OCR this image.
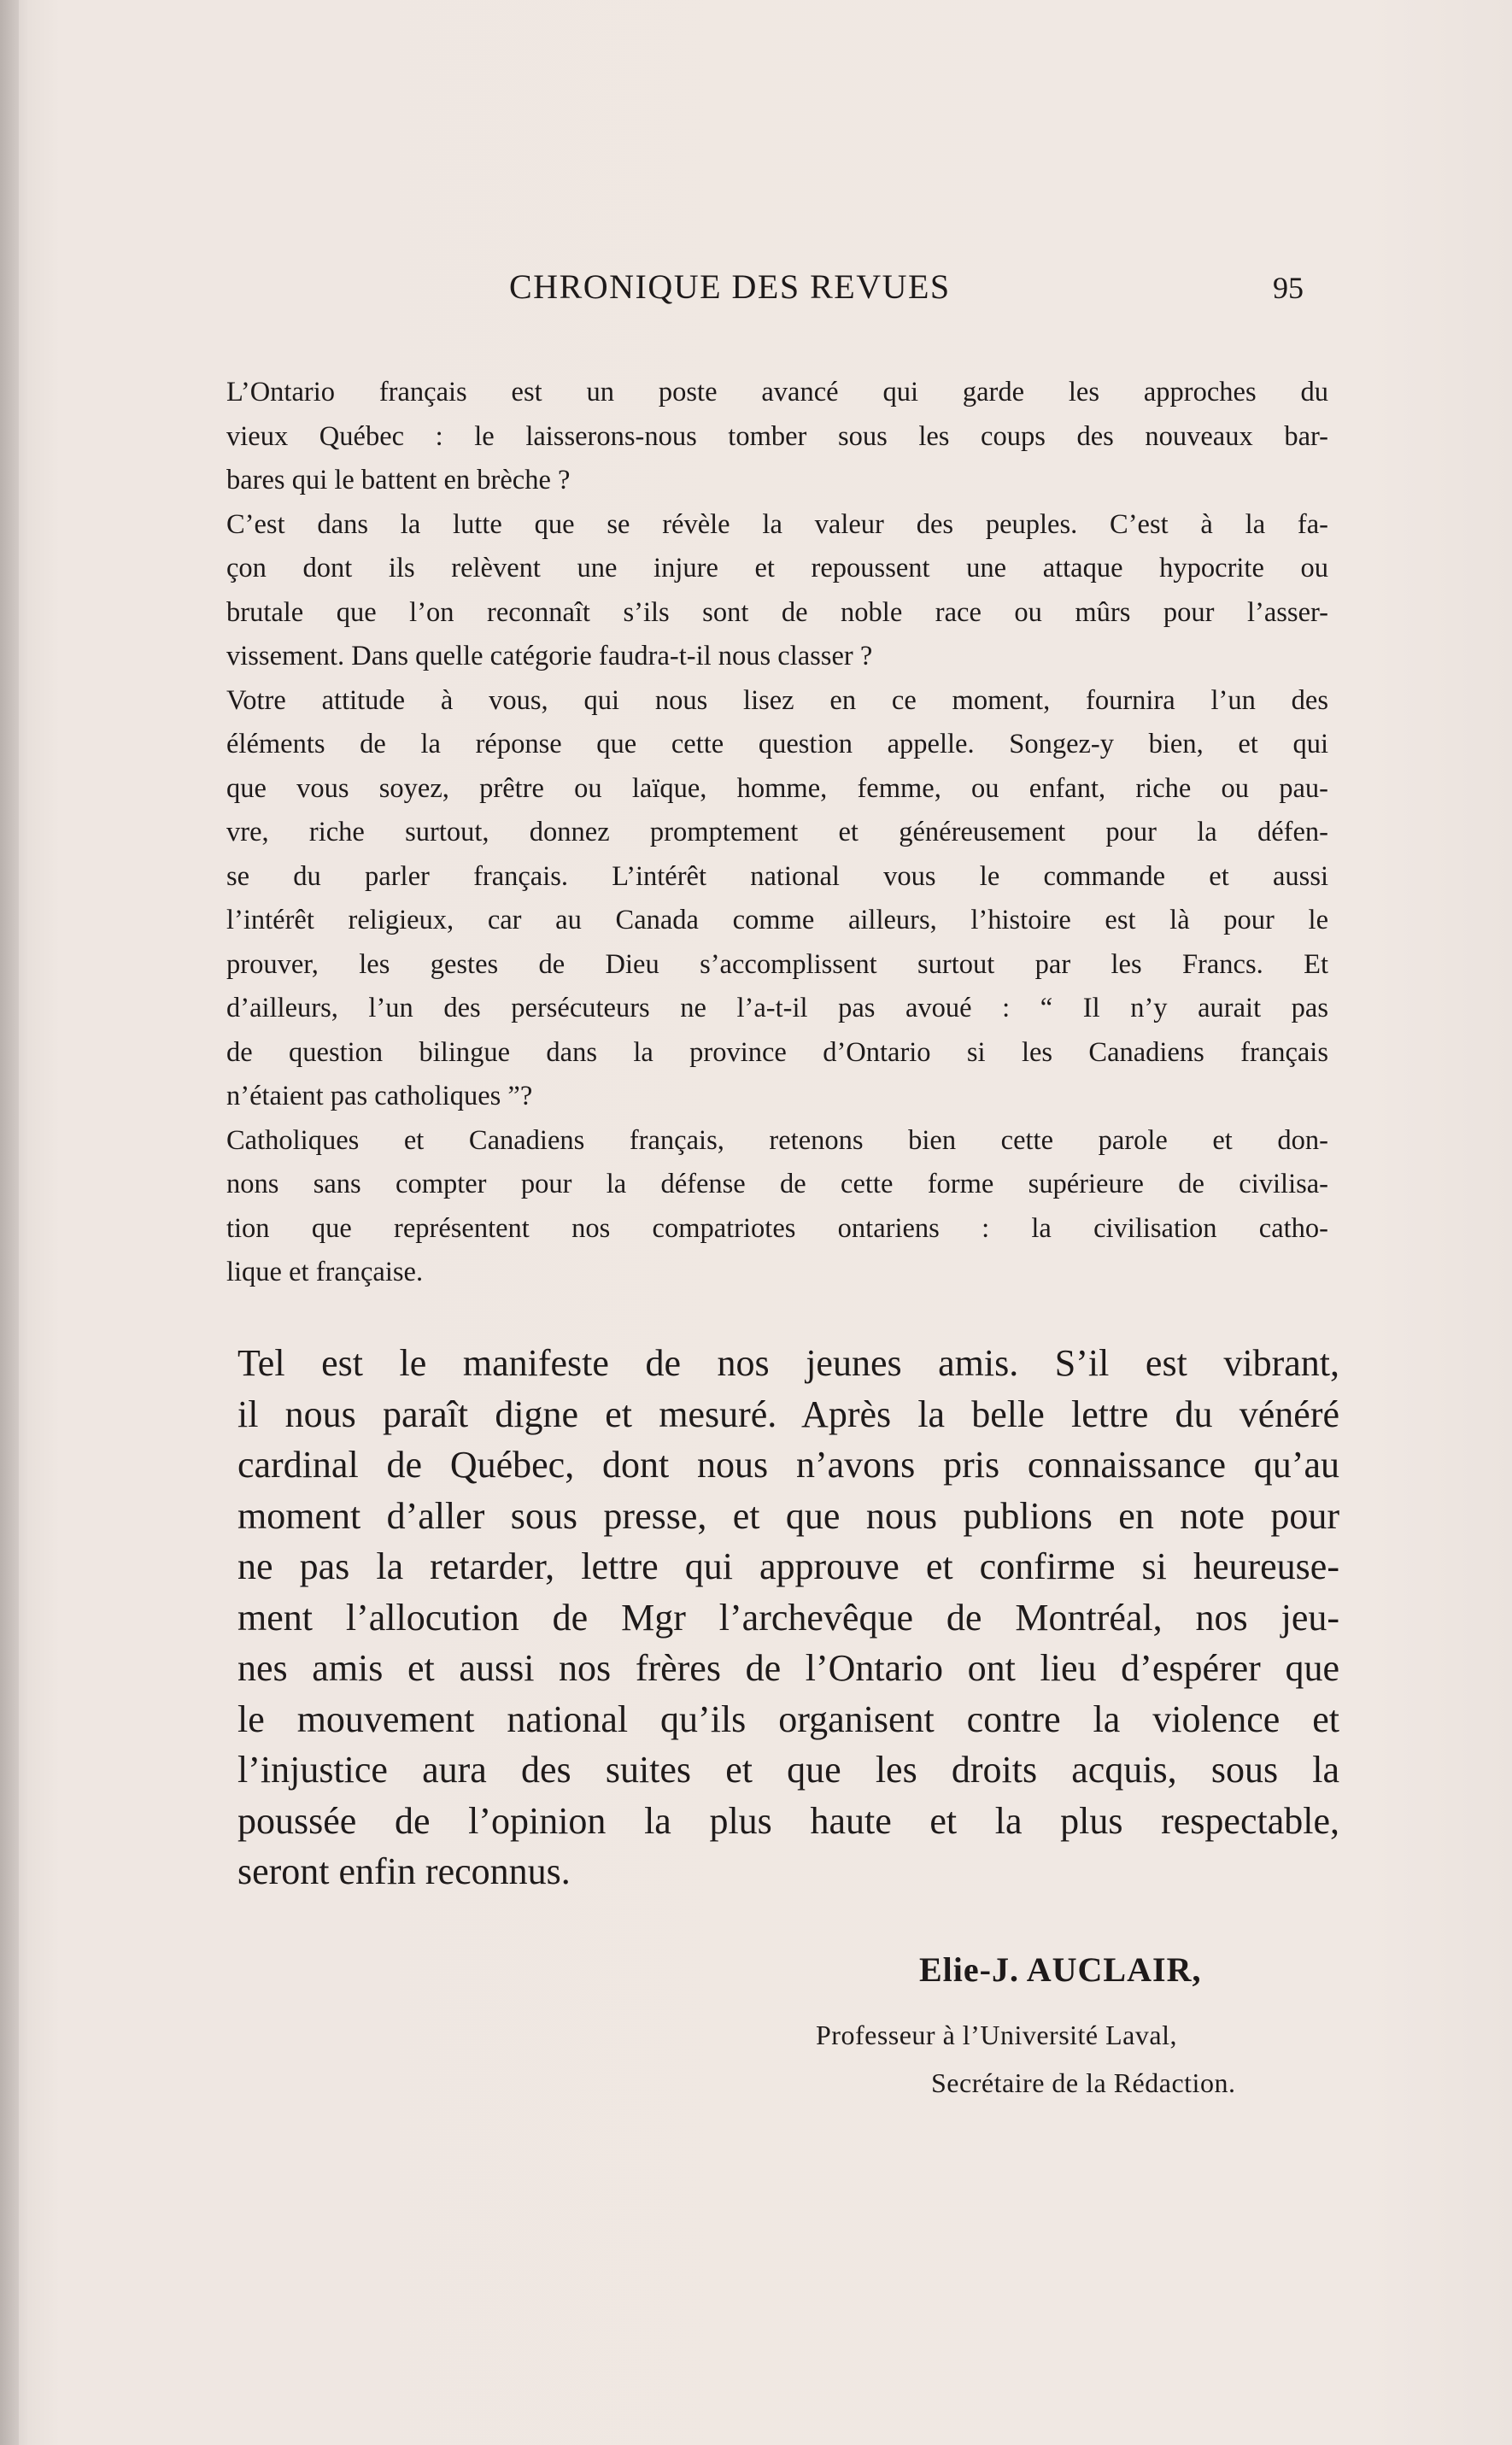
CHRONIQUE DES REVUES	95
L’Ontario français est un poste avancé qui garde les approches du
vieux Québec : le laisserons-nous tomber sous les coups des nouveaux bar-
bares qui le battent en brèche ?
C’est dans la lutte que se révèle la valeur des peuples. C’est à la fa-
çon dont ils relèvent une injure et repoussent une attaque hypocrite ou
brutale que l’on reconnaît s’ils sont de noble race ou mûrs pour l’asser-
vissement. Dans quelle catégorie faudra-t-il nous classer ?
Votre attitude à vous, qui nous lisez en ce moment, fournira l’un des
éléments de la réponse que cette question appelle. Songez-y bien, et qui
que vous soyez, prêtre ou laïque, homme, femme, ou enfant, riche ou pau-
vre, riche surtout, donnez promptement et généreusement pour la défen-
se du parler français. L’intérêt national vous le commande et aussi
l’intérêt religieux, car au Canada comme ailleurs, l’histoire est là pour le
prouver, les gestes de Dieu s’accomplissent surtout par les Francs. Et
d’ailleurs, l’un des persécuteurs ne l’a-t-il pas avoué : “ Il n’y aurait pas
de question bilingue dans la province d’Ontario si les Canadiens français
n’étaient pas catholiques ”?
Catholiques et Canadiens français, retenons bien cette parole et don-
nons sans compter pour la défense de cette forme supérieure de civilisa-
tion que représentent nos compatriotes ontariens : la civilisation catho-
lique et française.
Tel est le manifeste de nos jeunes amis. S’il est vibrant,
il nous paraît digne et mesuré. Après la belle lettre du vénéré
cardinal de Québec, dont nous n’avons pris connaissance qu’au
moment d’aller sous presse, et que nous publions en note pour
ne pas la retarder, lettre qui approuve et confirme si heureuse-
ment l’allocution de Mgr l’archevêque de Montréal, nos jeu-
nes amis et aussi nos frères de l’Ontario ont lieu d’espérer que
le mouvement national qu’ils organisent contre la violence et
l’injustice aura des suites et que les droits acquis, sous la
poussée de l’opinion la plus haute et la plus respectable,
seront enfin reconnus.
Elie-J. AUCLAIR,
Professeur à l’Université Laval,
Secrétaire de la Rédaction.
